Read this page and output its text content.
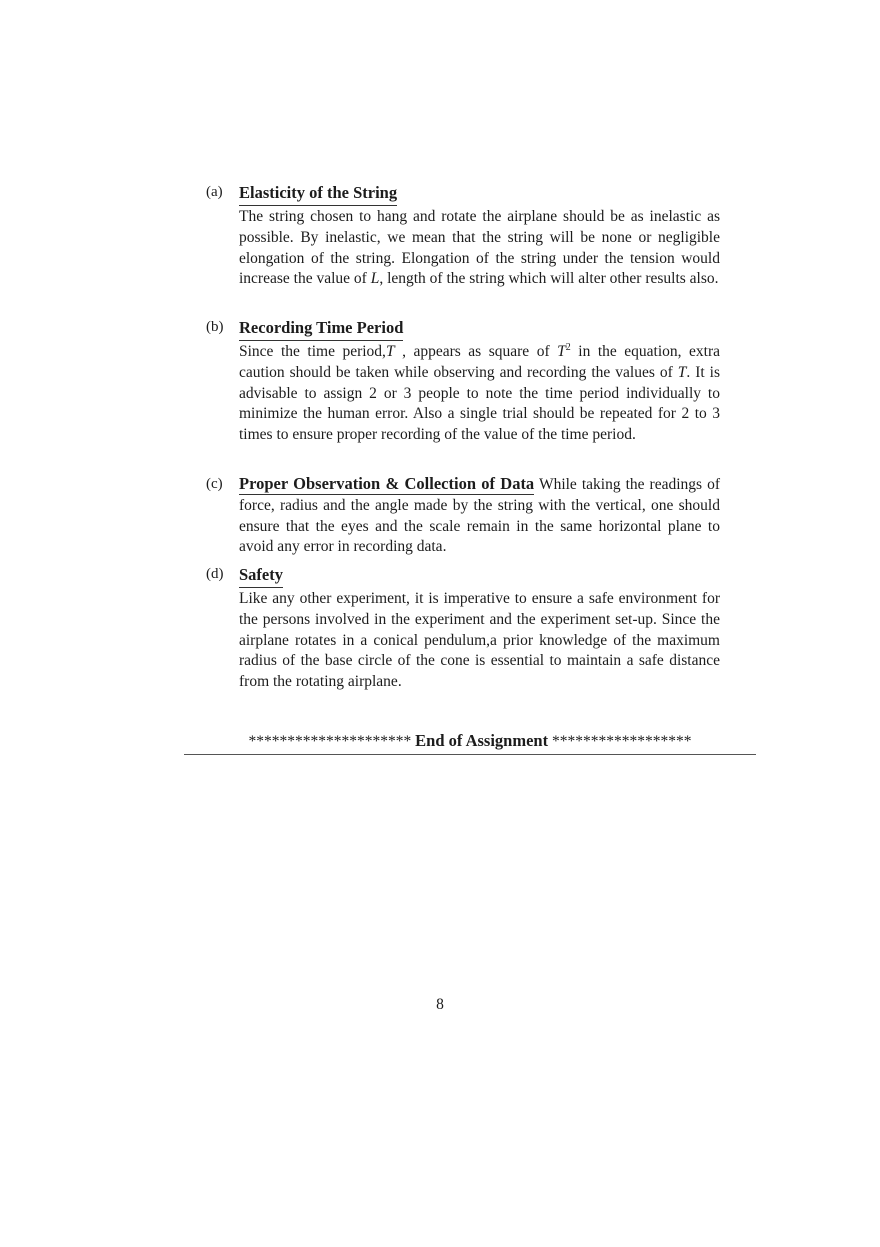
(a) Elasticity of the String
The string chosen to hang and rotate the airplane should be as inelastic as possible. By inelastic, we mean that the string will be none or negligible elongation of the string. Elongation of the string under the tension would increase the value of L, length of the string which will alter other results also.
(b) Recording Time Period
Since the time period,T , appears as square of $T^2$ in the equation, extra caution should be taken while observing and recording the values of T. It is advisable to assign 2 or 3 people to note the time period individually to minimize the human error. Also a single trial should be repeated for 2 to 3 times to ensure proper recording of the value of the time period.
(c) Proper Observation & Collection of Data While taking the readings of force, radius and the angle made by the string with the vertical, one should ensure that the eyes and the scale remain in the same horizontal plane to avoid any error in recording data.
(d) Safety
Like any other experiment, it is imperative to ensure a safe environment for the persons involved in the experiment and the experiment set-up. Since the airplane rotates in a conical pendulum,a prior knowledge of the maximum radius of the base circle of the cone is essential to maintain a safe distance from the rotating airplane.
********************* End of Assignment ******************
8
